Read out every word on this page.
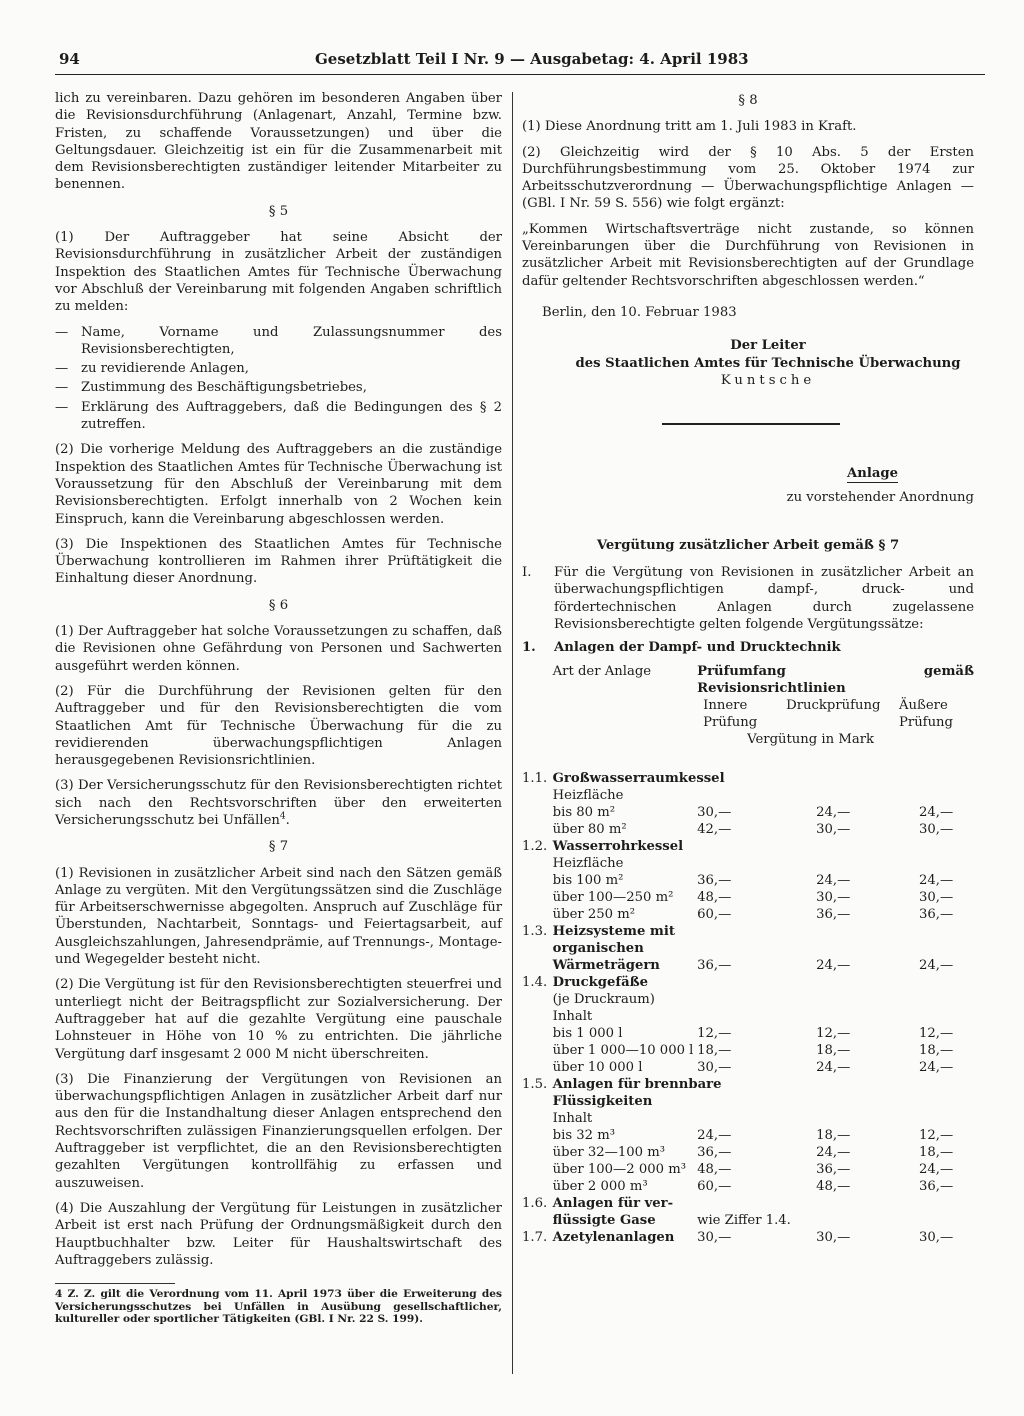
94	Gesetzblatt Teil I Nr. 9 — Ausgabetag: 4. April 1983

lich zu vereinbaren. Dazu gehören im besonderen Angaben über die Revisionsdurchführung (Anlagenart, Anzahl, Termine bzw. Fristen, zu schaffende Voraussetzungen) und über die Geltungsdauer. Gleichzeitig ist ein für die Zusammenarbeit mit dem Revisionsberechtigten zuständiger leitender Mitarbeiter zu benennen.

§ 5

(1) Der Auftraggeber hat seine Absicht der Revisionsdurchführung in zusätzlicher Arbeit der zuständigen Inspektion des Staatlichen Amtes für Technische Überwachung vor Abschluß der Vereinbarung mit folgenden Angaben schriftlich zu melden:

— Name, Vorname und Zulassungsnummer des Revisionsberechtigten,
— zu revidierende Anlagen,
— Zustimmung des Beschäftigungsbetriebes,
— Erklärung des Auftraggebers, daß die Bedingungen des § 2 zutreffen.

(2) Die vorherige Meldung des Auftraggebers an die zuständige Inspektion des Staatlichen Amtes für Technische Überwachung ist Voraussetzung für den Abschluß der Vereinbarung mit dem Revisionsberechtigten. Erfolgt innerhalb von 2 Wochen kein Einspruch, kann die Vereinbarung abgeschlossen werden.

(3) Die Inspektionen des Staatlichen Amtes für Technische Überwachung kontrollieren im Rahmen ihrer Prüftätigkeit die Einhaltung dieser Anordnung.

§ 6

(1) Der Auftraggeber hat solche Voraussetzungen zu schaffen, daß die Revisionen ohne Gefährdung von Personen und Sachwerten ausgeführt werden können.

(2) Für die Durchführung der Revisionen gelten für den Auftraggeber und für den Revisionsberechtigten die vom Staatlichen Amt für Technische Überwachung für die zu revidierenden überwachungspflichtigen Anlagen herausgegebenen Revisionsrichtlinien.

(3) Der Versicherungsschutz für den Revisionsberechtigten richtet sich nach den Rechtsvorschriften über den erweiterten Versicherungsschutz bei Unfällen$^4$.

§ 7

(1) Revisionen in zusätzlicher Arbeit sind nach den Sätzen gemäß Anlage zu vergüten. Mit den Vergütungssätzen sind die Zuschläge für Arbeitserschwernisse abgegolten. Anspruch auf Zuschläge für Überstunden, Nachtarbeit, Sonntags- und Feiertagsarbeit, auf Ausgleichszahlungen, Jahresendprämie, auf Trennungs-, Montage- und Wegegelder besteht nicht.

(2) Die Vergütung ist für den Revisionsberechtigten steuerfrei und unterliegt nicht der Beitragspflicht zur Sozialversicherung. Der Auftraggeber hat auf die gezahlte Vergütung eine pauschale Lohnsteuer in Höhe von 10 % zu entrichten. Die jährliche Vergütung darf insgesamt 2 000 M nicht überschreiten.

(3) Die Finanzierung der Vergütungen von Revisionen an überwachungspflichtigen Anlagen in zusätzlicher Arbeit darf nur aus den für die Instandhaltung dieser Anlagen entsprechend den Rechtsvorschriften zulässigen Finanzierungsquellen erfolgen. Der Auftraggeber ist verpflichtet, die an den Revisionsberechtigten gezahlten Vergütungen kontrollfähig zu erfassen und auszuweisen.

(4) Die Auszahlung der Vergütung für Leistungen in zusätzlicher Arbeit ist erst nach Prüfung der Ordnungsmäßigkeit durch den Hauptbuchhalter bzw. Leiter für Haushaltswirtschaft des Auftraggebers zulässig.

4 Z. Z. gilt die Verordnung vom 11. April 1973 über die Erweiterung des Versicherungsschutzes bei Unfällen in Ausübung gesellschaftlicher, kultureller oder sportlicher Tätigkeiten (GBl. I Nr. 22 S. 199).
§ 8

(1) Diese Anordnung tritt am 1. Juli 1983 in Kraft.

(2) Gleichzeitig wird der § 10 Abs. 5 der Ersten Durchführungsbestimmung vom 25. Oktober 1974 zur Arbeitsschutzverordnung — Überwachungspflichtige Anlagen — (GBl. I Nr. 59 S. 556) wie folgt ergänzt:

„Kommen Wirtschaftsverträge nicht zustande, so können Vereinbarungen über die Durchführung von Revisionen in zusätzlicher Arbeit mit Revisionsberechtigten auf der Grundlage dafür geltender Rechtsvorschriften abgeschlossen werden.“

Berlin, den 10. Februar 1983

Der Leiter
des Staatlichen Amtes für Technische Überwachung
Kuntsche
Anlage
zu vorstehender Anordnung
Vergütung zusätzlicher Arbeit gemäß § 7
I. Für die Vergütung von Revisionen in zusätzlicher Arbeit an überwachungspflichtigen dampf-, druck- und fördertechnischen Anlagen durch zugelassene Revisionsberechtigte gelten folgende Vergütungssätze:
1. Anlagen der Dampf- und Drucktechnik
	Art der Anlage	Prüfumfang gemäß Revisionsrichtlinien		
		Innere	Druckprüfung	Äußere
		Prüfung		Prüfung
		Vergütung in Mark		
1.1.	Großwasserraumkessel			
	Heizfläche			
	bis 80 m²	30,—	24,—	24,—
	über 80 m²	42,—	30,—	30,—
1.2.	Wasserrohrkessel			
	Heizfläche			
	bis 100 m²	36,—	24,—	24,—
	über 100—250 m²	48,—	30,—	30,—
	über 250 m²	60,—	36,—	36,—
1.3.	Heizsysteme mit			
	organischen			
	Wärmeträgern	36,—	24,—	24,—
1.4.	Druckgefäße			
	(je Druckraum)			
	Inhalt			
	bis 1 000 l	12,—	12,—	12,—
	über 1 000—10 000 l	18,—	18,—	18,—
	über 10 000 l	30,—	24,—	24,—
1.5.	Anlagen für brennbare			
	Flüssigkeiten			
	Inhalt			
	bis 32 m³	24,—	18,—	12,—
	über 32—100 m³	36,—	24,—	18,—
	über 100—2 000 m³	48,—	36,—	24,—
	über 2 000 m³	60,—	48,—	36,—
1.6.	Anlagen für ver-			
	flüssigte Gase	wie Ziffer 1.4.		
1.7.	Azetylenanlagen	30,—	30,—	30,—
